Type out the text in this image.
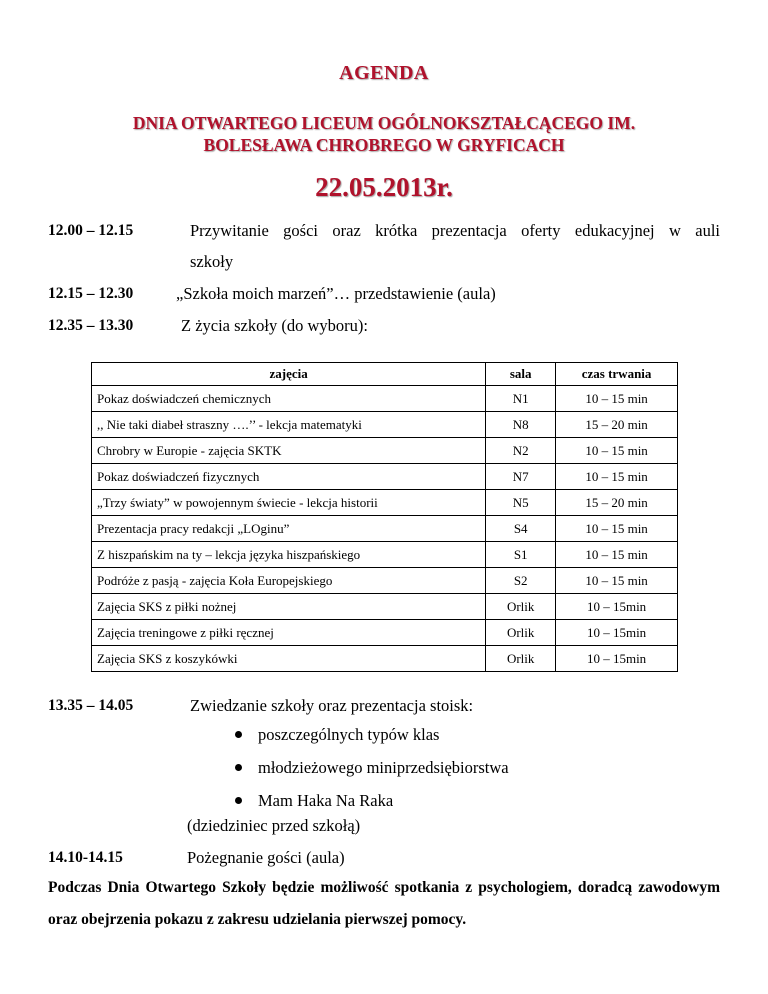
AGENDA
DNIA OTWARTEGO LICEUM OGÓLNOKSZTAŁCĄCEGO IM.
BOLESŁAWA CHROBREGO W GRYFICACH
22.05.2013r.
12.00 – 12.15	Przywitanie gości oraz krótka prezentacja oferty edukacyjnej w auli
szkoły
12.15 – 12.30	„Szkoła moich marzeń”… przedstawienie (aula)
12.35 – 13.30	Z życia szkoły (do wyboru):
zajęcia	sala	czas trwania
Pokaz doświadczeń chemicznych	N1	10 – 15 min
,, Nie taki diabeł straszny ….’’ - lekcja matematyki	N8	15 – 20 min
Chrobry w Europie - zajęcia SKTK	N2	10 – 15 min
Pokaz doświadczeń fizycznych	N7	10 – 15 min
„Trzy światy” w powojennym świecie - lekcja historii	N5	15 – 20 min
Prezentacja pracy redakcji „LOginu”	S4	10 – 15 min
Z hiszpańskim na ty – lekcja języka hiszpańskiego	S1	10 – 15 min
Podróże z pasją - zajęcia Koła Europejskiego	S2	10 – 15 min
Zajęcia SKS z piłki nożnej	Orlik	10 – 15min
Zajęcia treningowe z piłki ręcznej	Orlik	10 – 15min
Zajęcia SKS z koszykówki	Orlik	10 – 15min
13.35 – 14.05	Zwiedzanie szkoły oraz prezentacja stoisk:
poszczególnych typów klas
młodzieżowego miniprzedsiębiorstwa
Mam Haka Na Raka
(dziedziniec przed szkołą)
14.10-14.15	Pożegnanie gości (aula)
Podczas Dnia Otwartego Szkoły będzie możliwość spotkania z psychologiem, doradcą zawodowym oraz obejrzenia pokazu z zakresu udzielania pierwszej pomocy.
